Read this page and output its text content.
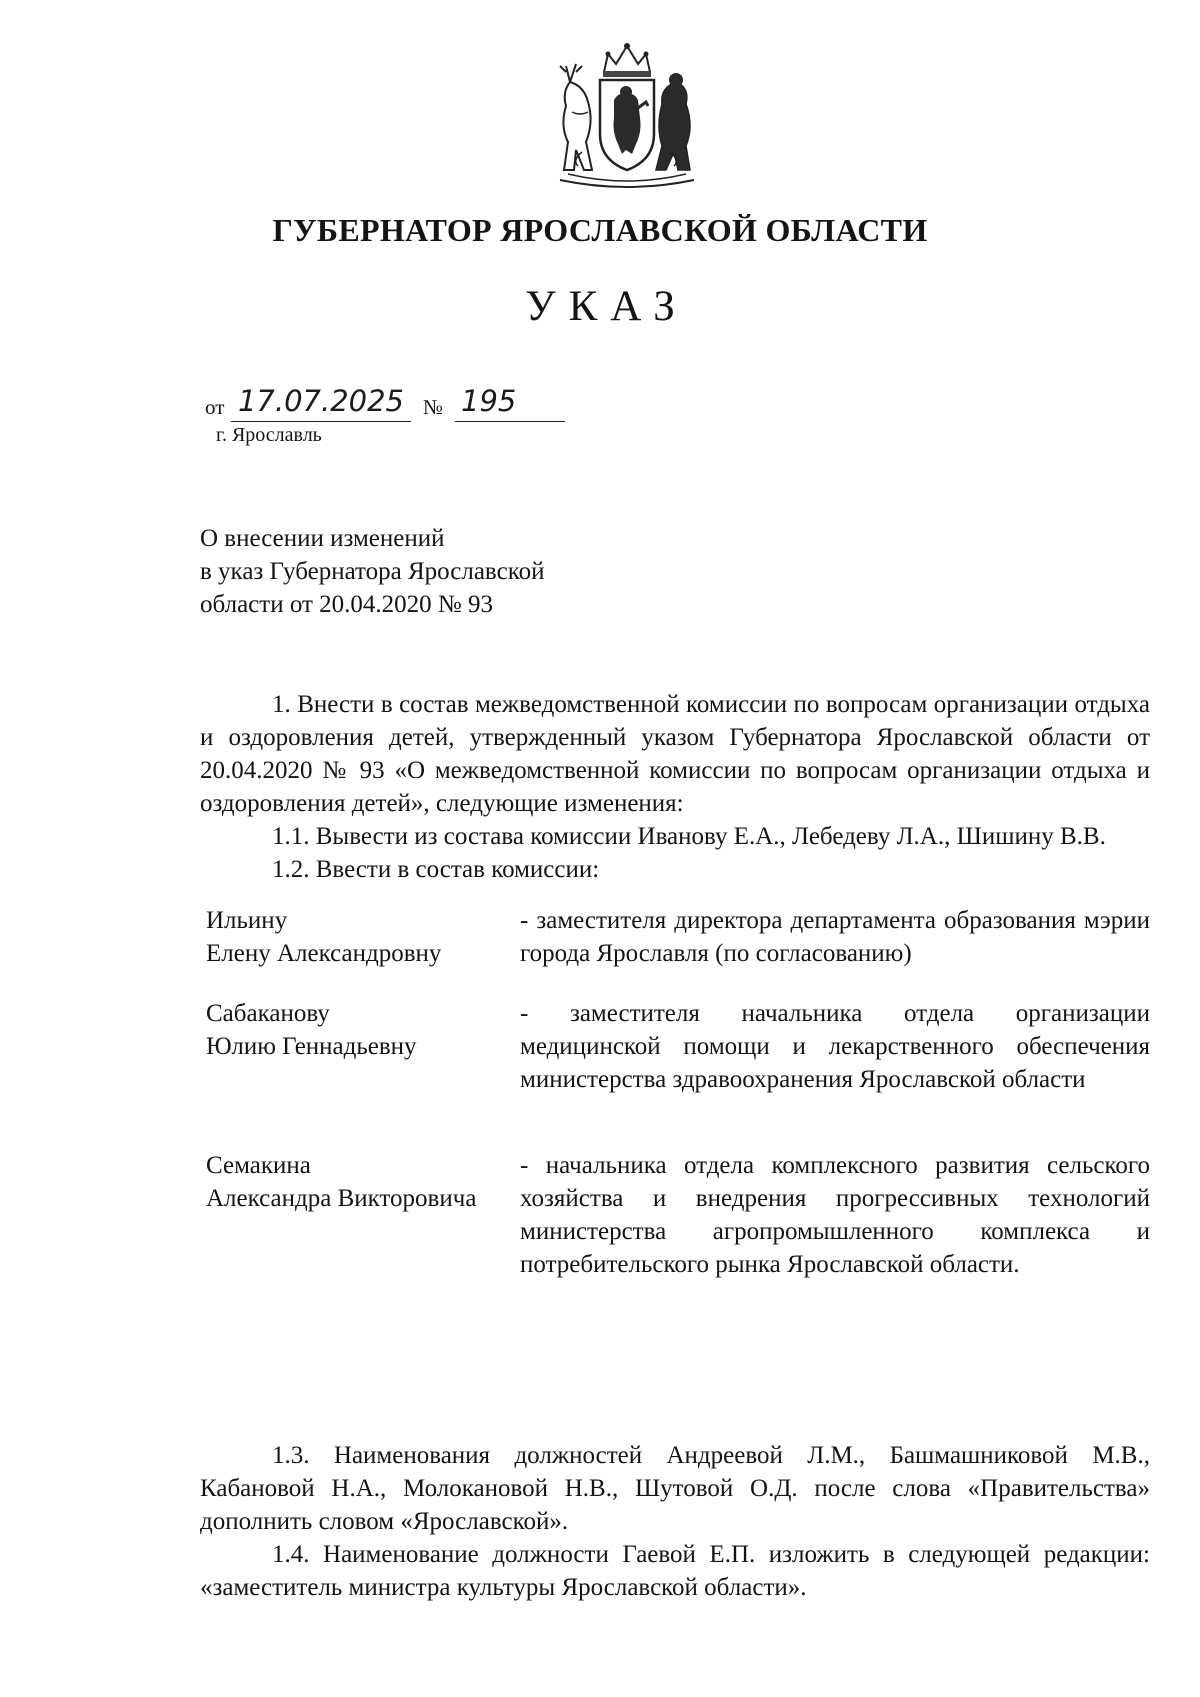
ГУБЕРНАТОР ЯРОСЛАВСКОЙ ОБЛАСТИ
УКАЗ
от 17.07.2025 № 195
г. Ярославль
О внесении изменений
в указ Губернатора Ярославской
области от 20.04.2020 № 93

1. Внести в состав межведомственной комиссии по вопросам организации отдыха и оздоровления детей, утвержденный указом Губернатора Ярославской области от 20.04.2020 № 93 «О межведомственной комиссии по вопросам организации отдыха и оздоровления детей», следующие изменения:

1.1. Вывести из состава комиссии Иванову Е.А., Лебедеву Л.А., Шишину В.В.

1.2. Ввести в состав комиссии:

Ильину
Елену Александровну
- заместителя директора департамента образования мэрии города Ярославля (по согласованию)
Сабаканову
Юлию Геннадьевну
- заместителя начальника отдела организации медицинской помощи и лекарственного обеспечения министерства здравоохранения Ярославской области
Семакина
Александра Викторовича
- начальника отдела комплексного развития сельского хозяйства и внедрения прогрессивных технологий министерства агропромышленного комплекса и потребительского рынка Ярославской области.

1.3. Наименования должностей Андреевой Л.М., Башмашниковой М.В., Кабановой Н.А., Молокановой Н.В., Шутовой О.Д. после слова «Правительства» дополнить словом «Ярославской».

1.4. Наименование должности Гаевой Е.П. изложить в следующей редакции: «заместитель министра культуры Ярославской области».
